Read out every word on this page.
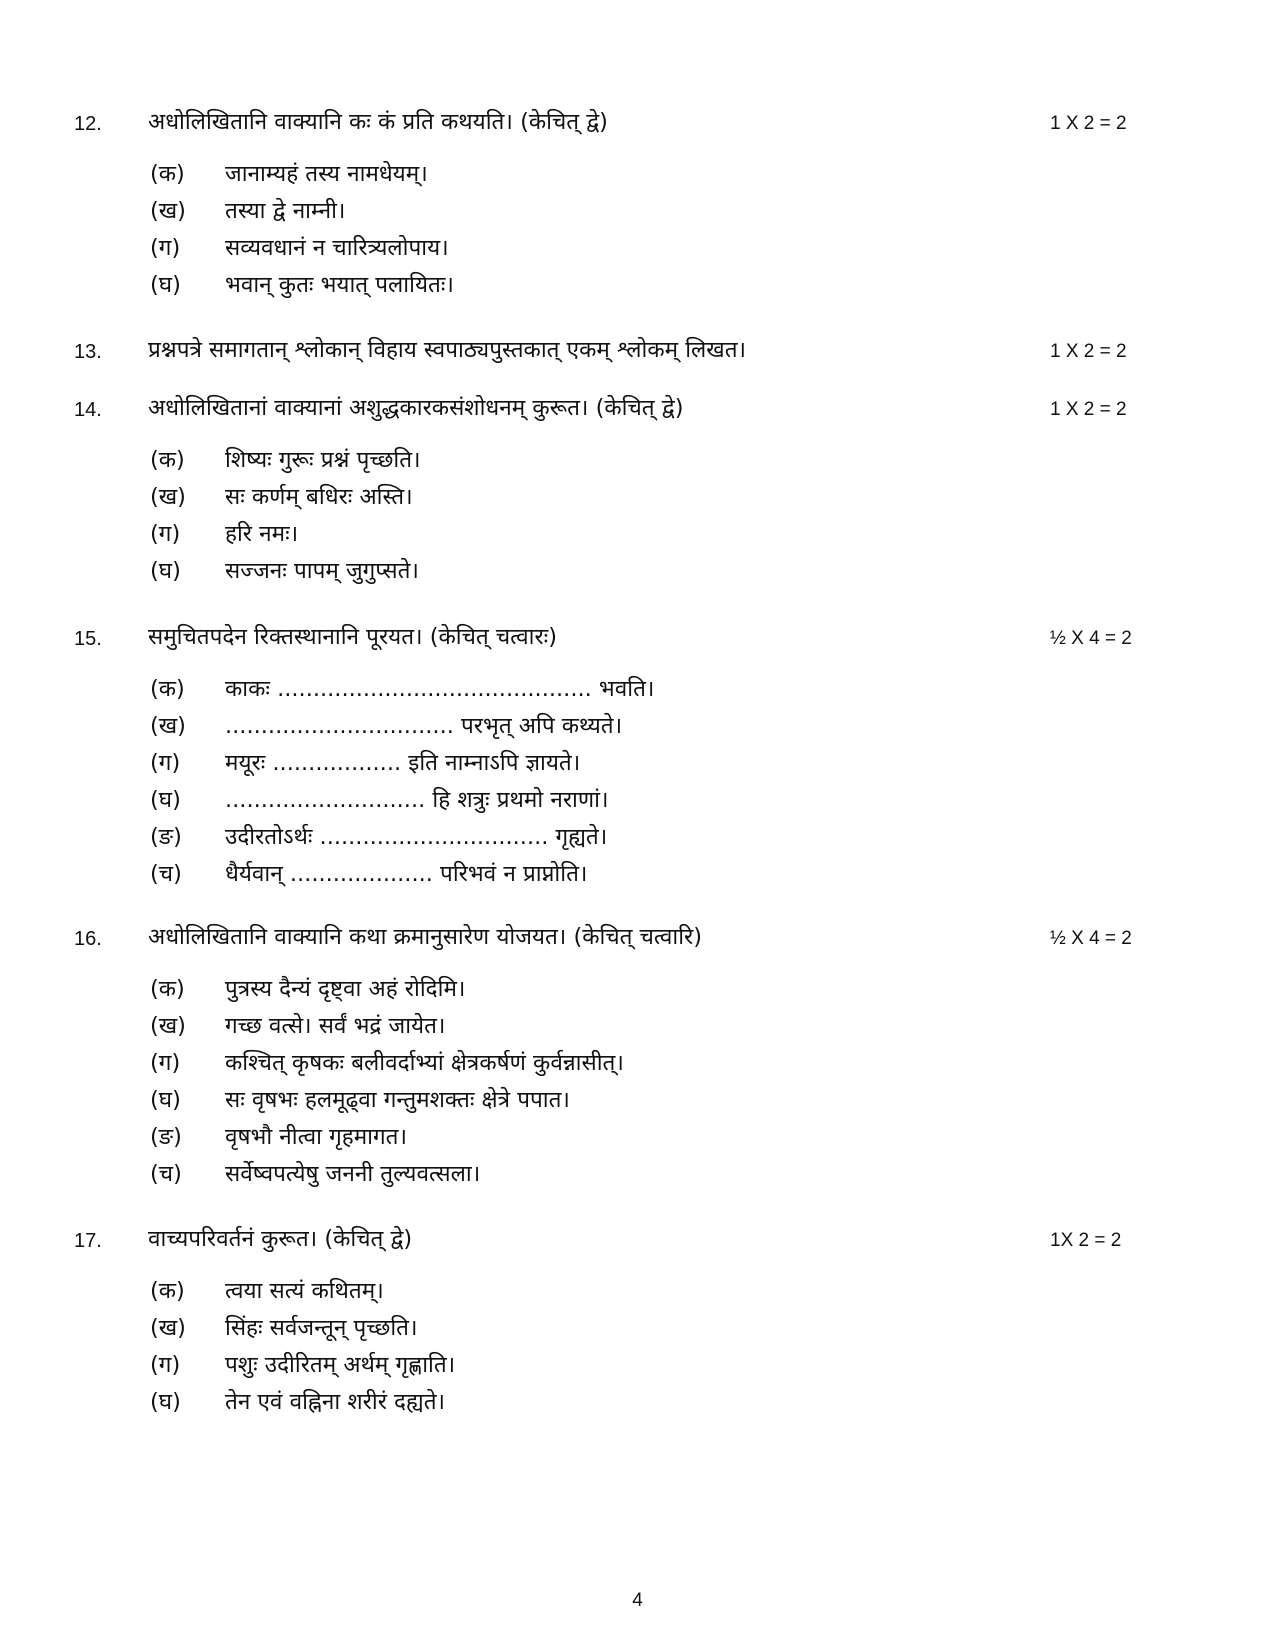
12. अधोलिखितानि वाक्यानि कः कं प्रति कथयति। (केचित् द्वे)	1 X 2 = 2
(क) जानाम्यहं तस्य नामधेयम्।
(ख) तस्या द्वे नाम्नी।
(ग) सव्यवधानं न चारित्र्यलोपाय।
(घ) भवान् कुतः भयात् पलायितः।
13. प्रश्नपत्रे समागतान् श्लोकान् विहाय स्वपाठ्यपुस्तकात् एकम् श्लोकम् लिखत।	1 X 2 = 2
14. अधोलिखितानां वाक्यानां अशुद्धकारकसंशोधनम् कुरूत। (केचित् द्वे)	1 X 2 = 2
(क) शिष्यः गुरूः प्रश्नं पृच्छति।
(ख) सः कर्णम् बधिरः अस्ति।
(ग) हरि नमः।
(घ) सज्जनः पापम् जुगुप्सते।
15. समुचितपदेन रिक्तस्थानानि पूरयत। (केचित् चत्वारः)	½ X 4 = 2
(क) काकः ............................................ भवति।
(ख) ................................ परभृत् अपि कथ्यते।
(ग) मयूरः .................. इति नाम्नाऽपि ज्ञायते।
(घ) ............................ हि शत्रुः प्रथमो नराणां।
(ङ) उदीरतोऽर्थः ................................ गृह्यते।
(च) धैर्यवान् .................... परिभवं न प्राप्नोति।
16. अधोलिखितानि वाक्यानि कथा क्रमानुसारेण योजयत। (केचित् चत्वारि)	½ X 4 = 2
(क) पुत्रस्य दैन्यं दृष्ट्वा अहं रोदिमि।
(ख) गच्छ वत्से। सर्वं भद्रं जायेत।
(ग) कश्चित् कृषकः बलीवर्दाभ्यां क्षेत्रकर्षणं कुर्वन्नासीत्।
(घ) सः वृषभः हलमूढ्वा गन्तुमशक्तः क्षेत्रे पपात।
(ङ) वृषभौ नीत्वा गृहमागत।
(च) सर्वेष्वपत्येषु जननी तुल्यवत्सला।
17. वाच्यपरिवर्तनं कुरूत। (केचित् द्वे)	1X 2 = 2
(क) त्वया सत्यं कथितम्।
(ख) सिंहः सर्वजन्तून् पृच्छति।
(ग) पशुः उदीरितम् अर्थम् गृह्णाति।
(घ) तेन एवं वह्निना शरीरं दह्यते।
4
